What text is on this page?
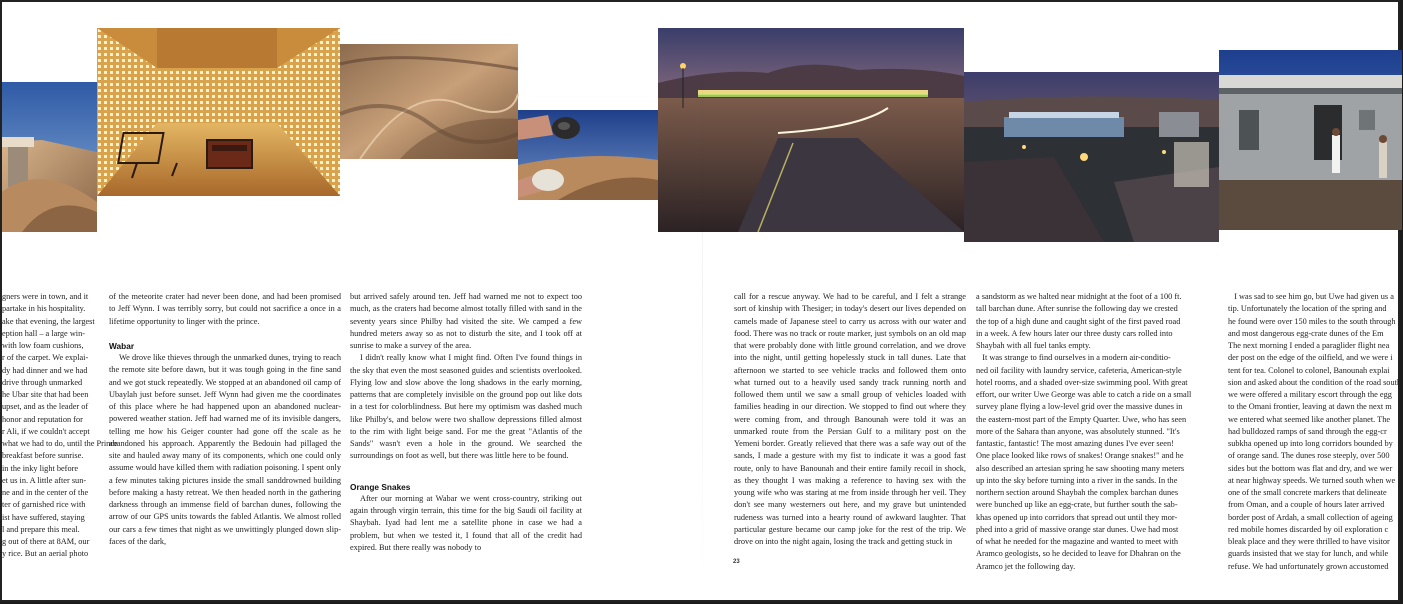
gners were in town, and it

partake in his hospitality.

ake that evening, the largest

eption hall – a large win-

with low foam cushions,

r of the carpet. We explai-

dy had dinner and we had

drive through unmarked

he Ubar site that had been

upset, and as the leader of

honor and reputation for

r Ali, if we couldn't accept

what we had to do, until the Prince

breakfast before sunrise.

in the inky light before

et us in. A little after sun-

ne and in the center of the

ter of garnished rice with

ist have suffered, staying

l and prepare this meal.

g out of there at 8AM, our

y rice. But an aerial photo

of the meteorite crater had never been done, and had been promised to Jeff Wynn. I was terribly sorry, but could not sacrifice a once in a lifetime opportunity to linger with the prince.

Wabar

We drove like thieves through the unmarked dunes, trying to reach the remote site before dawn, but it was tough going in the fine sand and we got stuck repeatedly. We stopped at an abandoned oil camp of Ubaylah just before sunset. Jeff Wynn had given me the coordinates of this place where he had happened upon an abandoned nuclear-powered weather station. Jeff had warned me of its invisible dangers, telling me how his Geiger counter had gone off the scale as he abandoned his approach. Apparently the Bedouin had pillaged the site and hauled away many of its components, which one could only assume would have killed them with radiation poisoning. I spent only a few minutes taking pictures inside the small sanddrowned building before making a hasty retreat. We then headed north in the gathering darkness through an immense field of barchan dunes, following the arrow of our GPS units towards the fabled Atlantis. We almost rolled our cars a few times that night as we unwittingly plunged down slip-faces of the dark,

but arrived safely around ten. Jeff had warned me not to expect too much, as the craters had become almost totally filled with sand in the seventy years since Philby had visited the site. We camped a few hundred meters away so as not to disturb the site, and I took off at sunrise to make a survey of the area.

I didn't really know what I might find. Often I've found things in the sky that even the most seasoned guides and scientists overlooked. Flying low and slow above the long shadows in the early morning, patterns that are completely invisible on the ground pop out like dots in a test for colorblindness. But here my optimism was dashed much like Philby's, and below were two shallow depressions filled almost to the rim with light beige sand. For me the great "Atlantis of the Sands" wasn't even a hole in the ground. We searched the surroundings on foot as well, but there was little here to be found.

Orange Snakes

After our morning at Wabar we went cross-country, striking out again through virgin terrain, this time for the big Saudi oil facility at Shaybah. Iyad had lent me a satellite phone in case we had a problem, but when we tested it, I found that all of the credit had expired. But there really was nobody to

call for a rescue anyway. We had to be careful, and I felt a strange sort of kinship with Thesiger; in today's desert our lives depended on camels made of Japanese steel to carry us across with our water and food. There was no track or route marker, just symbols on an old map that were probably done with little ground correlation, and we drove into the night, until getting hopelessly stuck in tall dunes. Late that afternoon we started to see vehicle tracks and followed them onto what turned out to a heavily used sandy track running north and followed them until we saw a small group of vehicles loaded with families heading in our direction. We stopped to find out where they were coming from, and through Banounah were told it was an unmarked route from the Persian Gulf to a military post on the Yemeni border. Greatly relieved that there was a safe way out of the sands, I made a gesture with my fist to indicate it was a good fast route, only to have Banounah and their entire family recoil in shock, as they thought I was making a reference to having sex with the young wife who was staring at me from inside through her veil. They don't see many westerners out here, and my grave but unintended rudeness was turned into a hearty round of awkward laughter. That particular gesture became our camp joke for the rest of the trip. We drove on into the night again, losing the track and getting stuck in

a sandstorm as we halted near midnight at the foot of a 100 ft.

tall barchan dune. After sunrise the following day we crested

the top of a high dune and caught sight of the first paved road

in a week. A few hours later our three dusty cars rolled into

Shaybah with all fuel tanks empty.

It was strange to find ourselves in a modern air-conditio-

ned oil facility with laundry service, cafeteria, American-style

hotel rooms, and a shaded over-size swimming pool. With great

effort, our writer Uwe George was able to catch a ride on a small

survey plane flying a low-level grid over the massive dunes in

the eastern-most part of the Empty Quarter. Uwe, who has seen

more of the Sahara than anyone, was absolutely stunned. "It's

fantastic, fantastic! The most amazing dunes I've ever seen!

One place looked like rows of snakes! Orange snakes!" and he

also described an artesian spring he saw shooting many meters

up into the sky before turning into a river in the sands. In the

northern section around Shaybah the complex barchan dunes

were bunched up like an egg-crate, but further south the sab-

khas opened up into corridors that spread out until they mor-

phed into a grid of massive orange star dunes. Uwe had most

of what he needed for the magazine and wanted to meet with

Aramco geologists, so he decided to leave for Dhahran on the

Aramco jet the following day.

I was sad to see him go, but Uwe had given us a

tip. Unfortunately the location of the spring and

he found were over 150 miles to the south through

and most dangerous egg-crate dunes of the Em

The next morning I ended a paraglider flight nea

der post on the edge of the oilfield, and we were i

tent for tea. Colonel to colonel, Banounah explai

sion and asked about the condition of the road south.

we were offered a military escort through the egg

to the Omani frontier, leaving at dawn the next m

we entered what seemed like another planet. The

had bulldozed ramps of sand through the egg-cr

subkha opened up into long corridors bounded by

of orange sand. The dunes rose steeply, over 500

sides but the bottom was flat and dry, and we wer

at near highway speeds. We turned south when we

one of the small concrete markers that delineate

from Oman, and a couple of hours later arrived

border post of Ardah, a small collection of ageing

red mobile homes discarded by oil exploration c

bleak place and they were thrilled to have visitor

guards insisted that we stay for lunch, and while

refuse. We had unfortunately grown accustomed

23
